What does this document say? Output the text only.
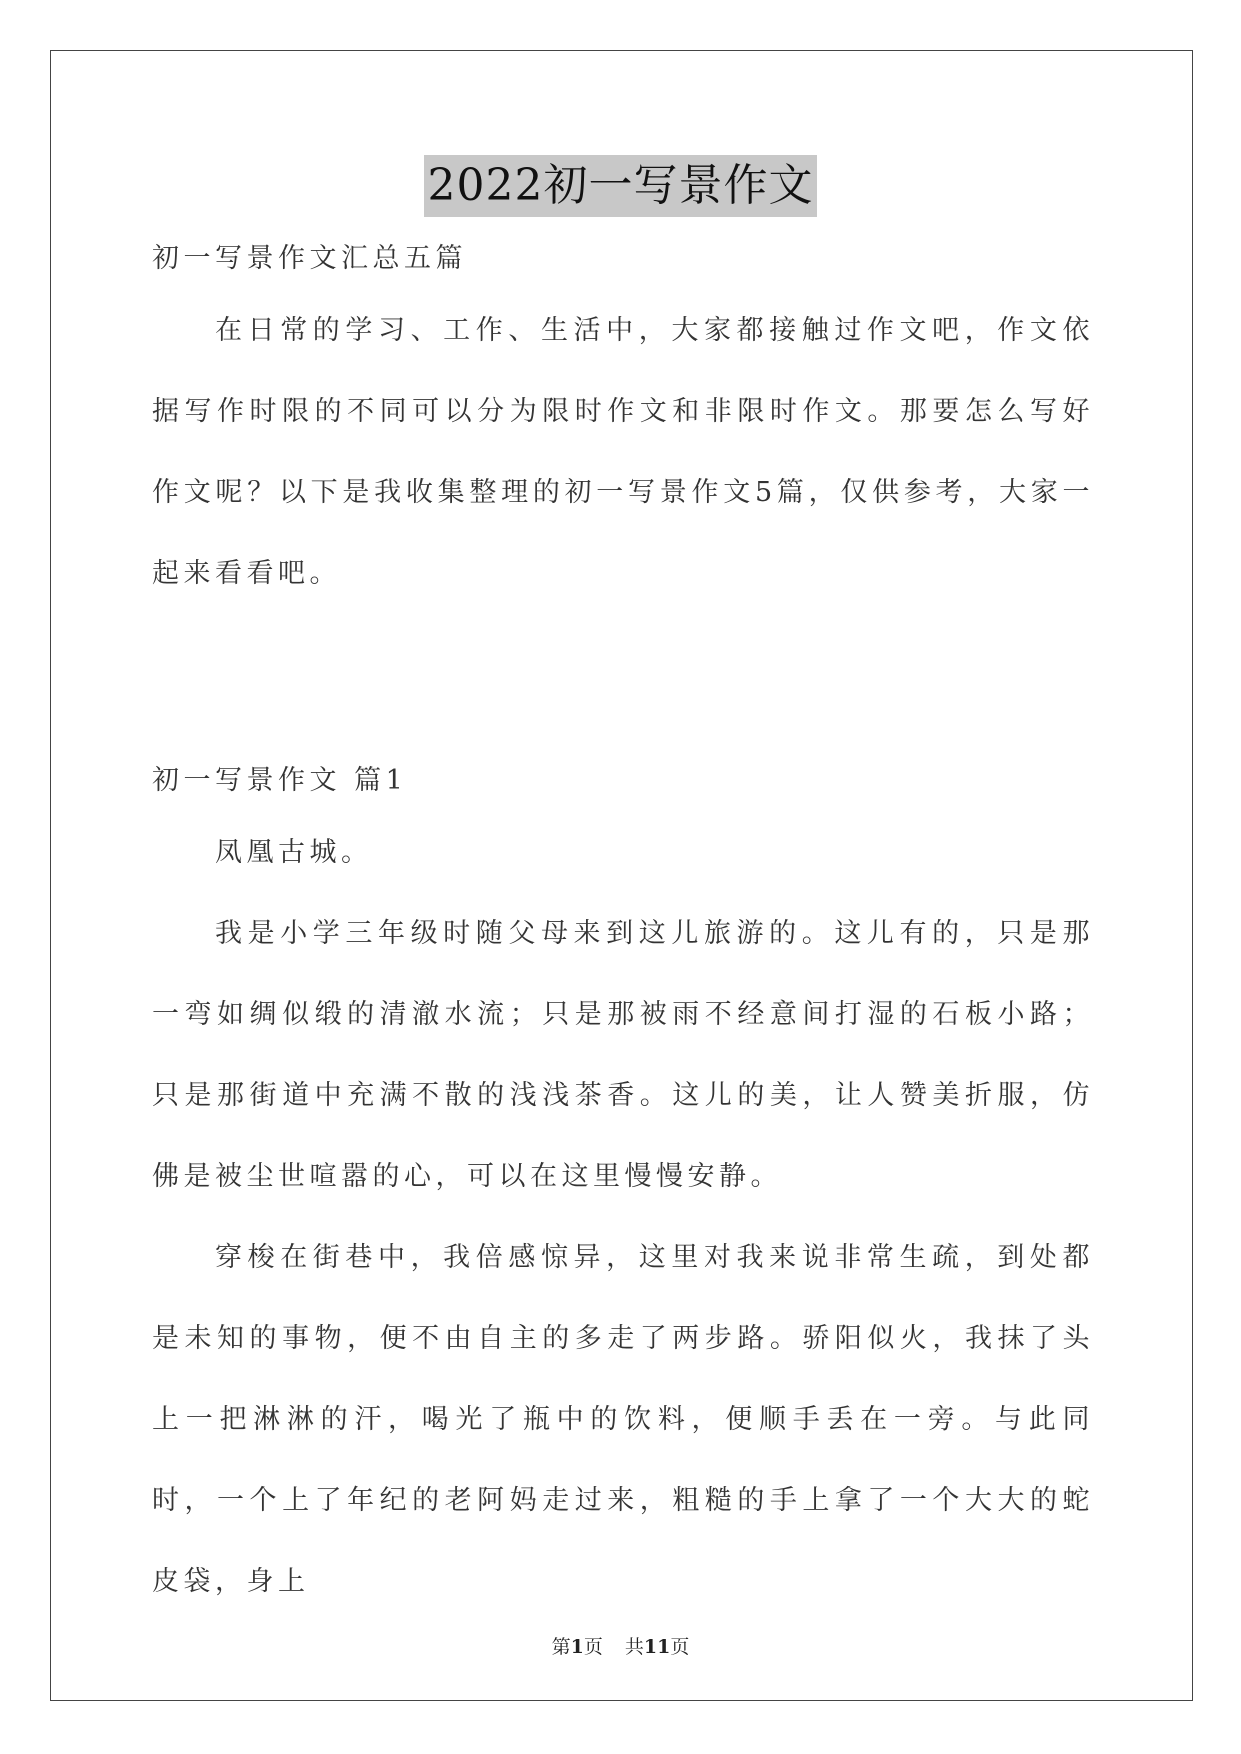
2022初一写景作文

初一写景作文汇总五篇

在日常的学习、工作、生活中，大家都接触过作文吧，作文依据写作时限的不同可以分为限时作文和非限时作文。那要怎么写好作文呢？以下是我收集整理的初一写景作文5篇，仅供参考，大家一起来看看吧。

初一写景作文 篇1

凤凰古城。

我是小学三年级时随父母来到这儿旅游的。这儿有的，只是那一弯如绸似缎的清澈水流；只是那被雨不经意间打湿的石板小路；只是那街道中充满不散的浅浅茶香。这儿的美，让人赞美折服，仿佛是被尘世喧嚣的心，可以在这里慢慢安静。

穿梭在街巷中，我倍感惊异，这里对我来说非常生疏，到处都是未知的事物，便不由自主的多走了两步路。骄阳似火，我抹了头上一把淋淋的汗，喝光了瓶中的饮料，便顺手丢在一旁。与此同时，一个上了年纪的老阿妈走过来，粗糙的手上拿了一个大大的蛇皮袋，身上

第1页 共11页
